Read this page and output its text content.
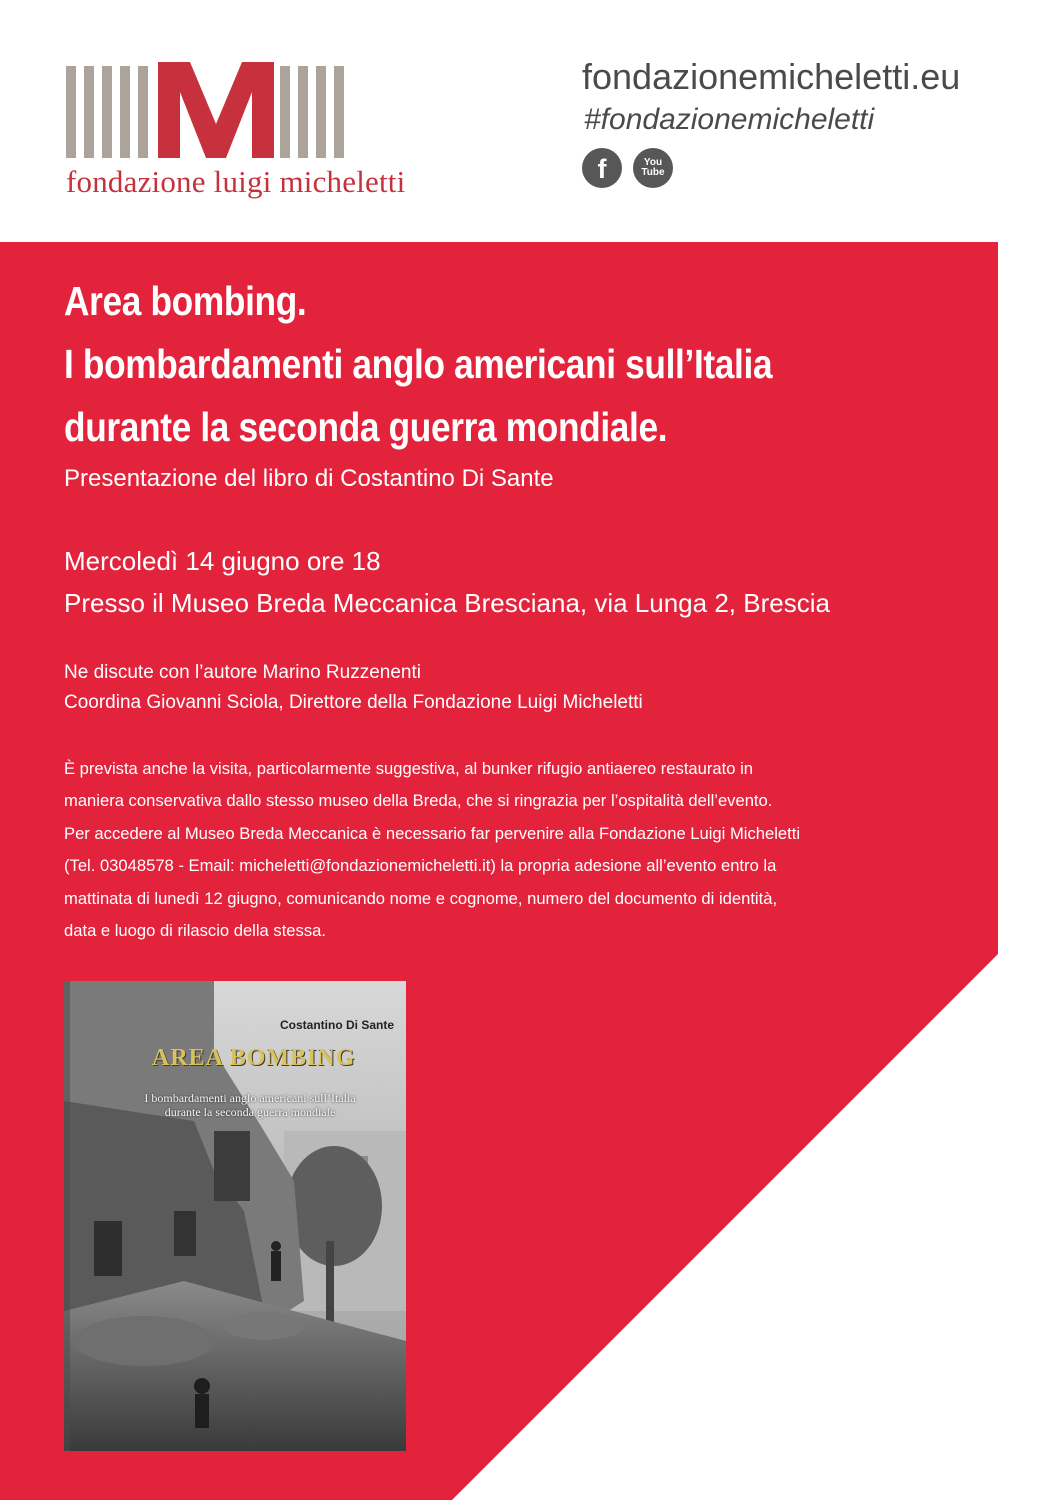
fondazione luigi micheletti
fondazionemicheletti.eu
#fondazionemicheletti
f	You
Tube
Area bombing.
I bombardamenti anglo americani sull’Italia
durante la seconda guerra mondiale.
Presentazione del libro di Costantino Di Sante
Mercoledì 14 giugno ore 18
Presso il Museo Breda Meccanica Bresciana, via Lunga 2, Brescia
Ne discute con l’autore Marino Ruzzenenti
Coordina Giovanni Sciola, Direttore della Fondazione Luigi Micheletti

È prevista anche la visita, particolarmente suggestiva, al bunker rifugio antiaereo restaurato in

maniera conservativa dallo stesso museo della Breda, che si ringrazia per l’ospitalità dell’evento.

Per accedere al Museo Breda Meccanica è necessario far pervenire alla Fondazione Luigi Micheletti

(Tel. 03048578 - Email: micheletti@fondazionemicheletti.it) la propria adesione all’evento entro la

mattinata di lunedì 12 giugno, comunicando nome e cognome, numero del documento di identità,

data e luogo di rilascio della stessa.

Costantino Di Sante
AREA BOMBING
I bombardamenti anglo americani sull’Italia
durante la seconda guerra mondiale
